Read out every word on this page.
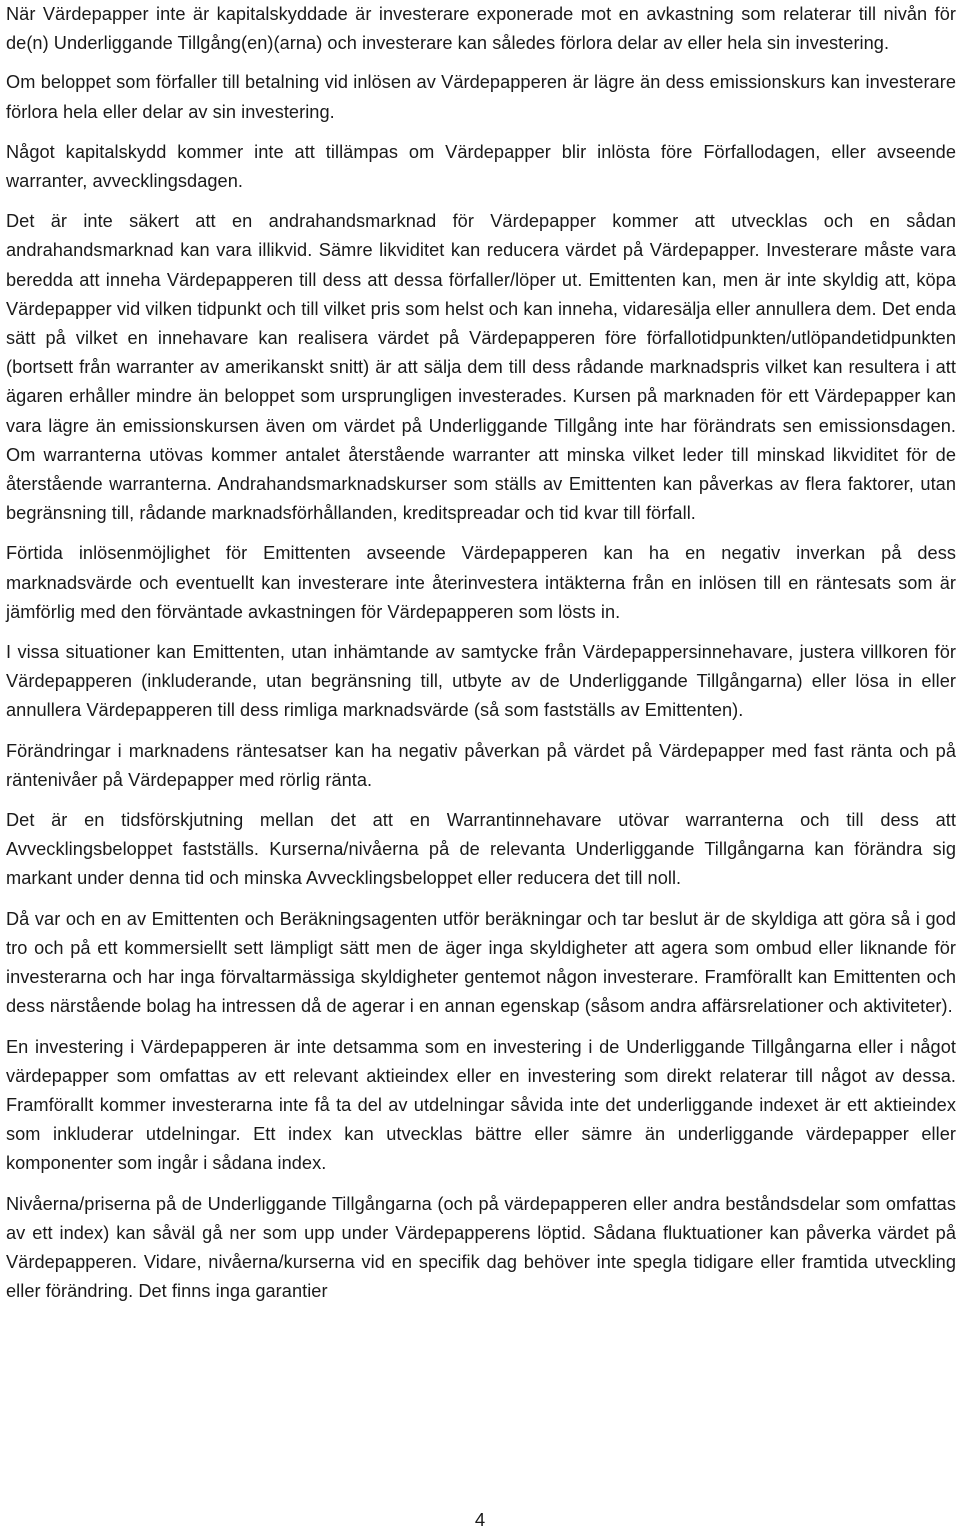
När Värdepapper inte är kapitalskyddade är investerare exponerade mot en avkastning som relaterar till nivån för de(n) Underliggande Tillgång(en)(arna) och investerare kan således förlora delar av eller hela sin investering.

Om beloppet som förfaller till betalning vid inlösen av Värdepapperen är lägre än dess emissionskurs kan investerare förlora hela eller delar av sin investering.

Något kapitalskydd kommer inte att tillämpas om Värdepapper blir inlösta före Förfallodagen, eller avseende warranter, avvecklingsdagen.

Det är inte säkert att en andrahandsmarknad för Värdepapper kommer att utvecklas och en sådan andrahandsmarknad kan vara illikvid. Sämre likviditet kan reducera värdet på Värdepapper. Investerare måste vara beredda att inneha Värdepapperen till dess att dessa förfaller/löper ut. Emittenten kan, men är inte skyldig att, köpa Värdepapper vid vilken tidpunkt och till vilket pris som helst och kan inneha, vidaresälja eller annullera dem. Det enda sätt på vilket en innehavare kan realisera värdet på Värdepapperen före förfallotidpunkten/utlöpandetidpunkten (bortsett från warranter av amerikanskt snitt) är att sälja dem till dess rådande marknadspris vilket kan resultera i att ägaren erhåller mindre än beloppet som ursprungligen investerades. Kursen på marknaden för ett Värdepapper kan vara lägre än emissionskursen även om värdet på Underliggande Tillgång inte har förändrats sen emissionsdagen. Om warranterna utövas kommer antalet återstående warranter att minska vilket leder till minskad likviditet för de återstående warranterna. Andrahandsmarknadskurser som ställs av Emittenten kan påverkas av flera faktorer, utan begränsning till, rådande marknadsförhållanden, kreditspreadar och tid kvar till förfall.

Förtida inlösenmöjlighet för Emittenten avseende Värdepapperen kan ha en negativ inverkan på dess marknadsvärde och eventuellt kan investerare inte återinvestera intäkterna från en inlösen till en räntesats som är jämförlig med den förväntade avkastningen för Värdepapperen som lösts in.

I vissa situationer kan Emittenten, utan inhämtande av samtycke från Värdepappersinnehavare, justera villkoren för Värdepapperen (inkluderande, utan begränsning till, utbyte av de Underliggande Tillgångarna) eller lösa in eller annullera Värdepapperen till dess rimliga marknadsvärde (så som fastställs av Emittenten).

Förändringar i marknadens räntesatser kan ha negativ påverkan på värdet på Värdepapper med fast ränta och på räntenivåer på Värdepapper med rörlig ränta.

Det är en tidsförskjutning mellan det att en Warrantinnehavare utövar warranterna och till dess att Avvecklingsbeloppet fastställs. Kurserna/nivåerna på de relevanta Underliggande Tillgångarna kan förändra sig markant under denna tid och minska Avvecklingsbeloppet eller reducera det till noll.

Då var och en av Emittenten och Beräkningsagenten utför beräkningar och tar beslut är de skyldiga att göra så i god tro och på ett kommersiellt sett lämpligt sätt men de äger inga skyldigheter att agera som ombud eller liknande för investerarna och har inga förvaltarmässiga skyldigheter gentemot någon investerare. Framförallt kan Emittenten och dess närstående bolag ha intressen då de agerar i en annan egenskap (såsom andra affärsrelationer och aktiviteter).

En investering i Värdepapperen är inte detsamma som en investering i de Underliggande Tillgångarna eller i något värdepapper som omfattas av ett relevant aktieindex eller en investering som direkt relaterar till något av dessa. Framförallt kommer investerarna inte få ta del av utdelningar såvida inte det underliggande indexet är ett aktieindex som inkluderar utdelningar. Ett index kan utvecklas bättre eller sämre än underliggande värdepapper eller komponenter som ingår i sådana index.

Nivåerna/priserna på de Underliggande Tillgångarna (och på värdepapperen eller andra beståndsdelar som omfattas av ett index) kan såväl gå ner som upp under Värdepapperens löptid. Sådana fluktuationer kan påverka värdet på Värdepapperen. Vidare, nivåerna/kurserna vid en specifik dag behöver inte spegla tidigare eller framtida utveckling eller förändring. Det finns inga garantier

4
